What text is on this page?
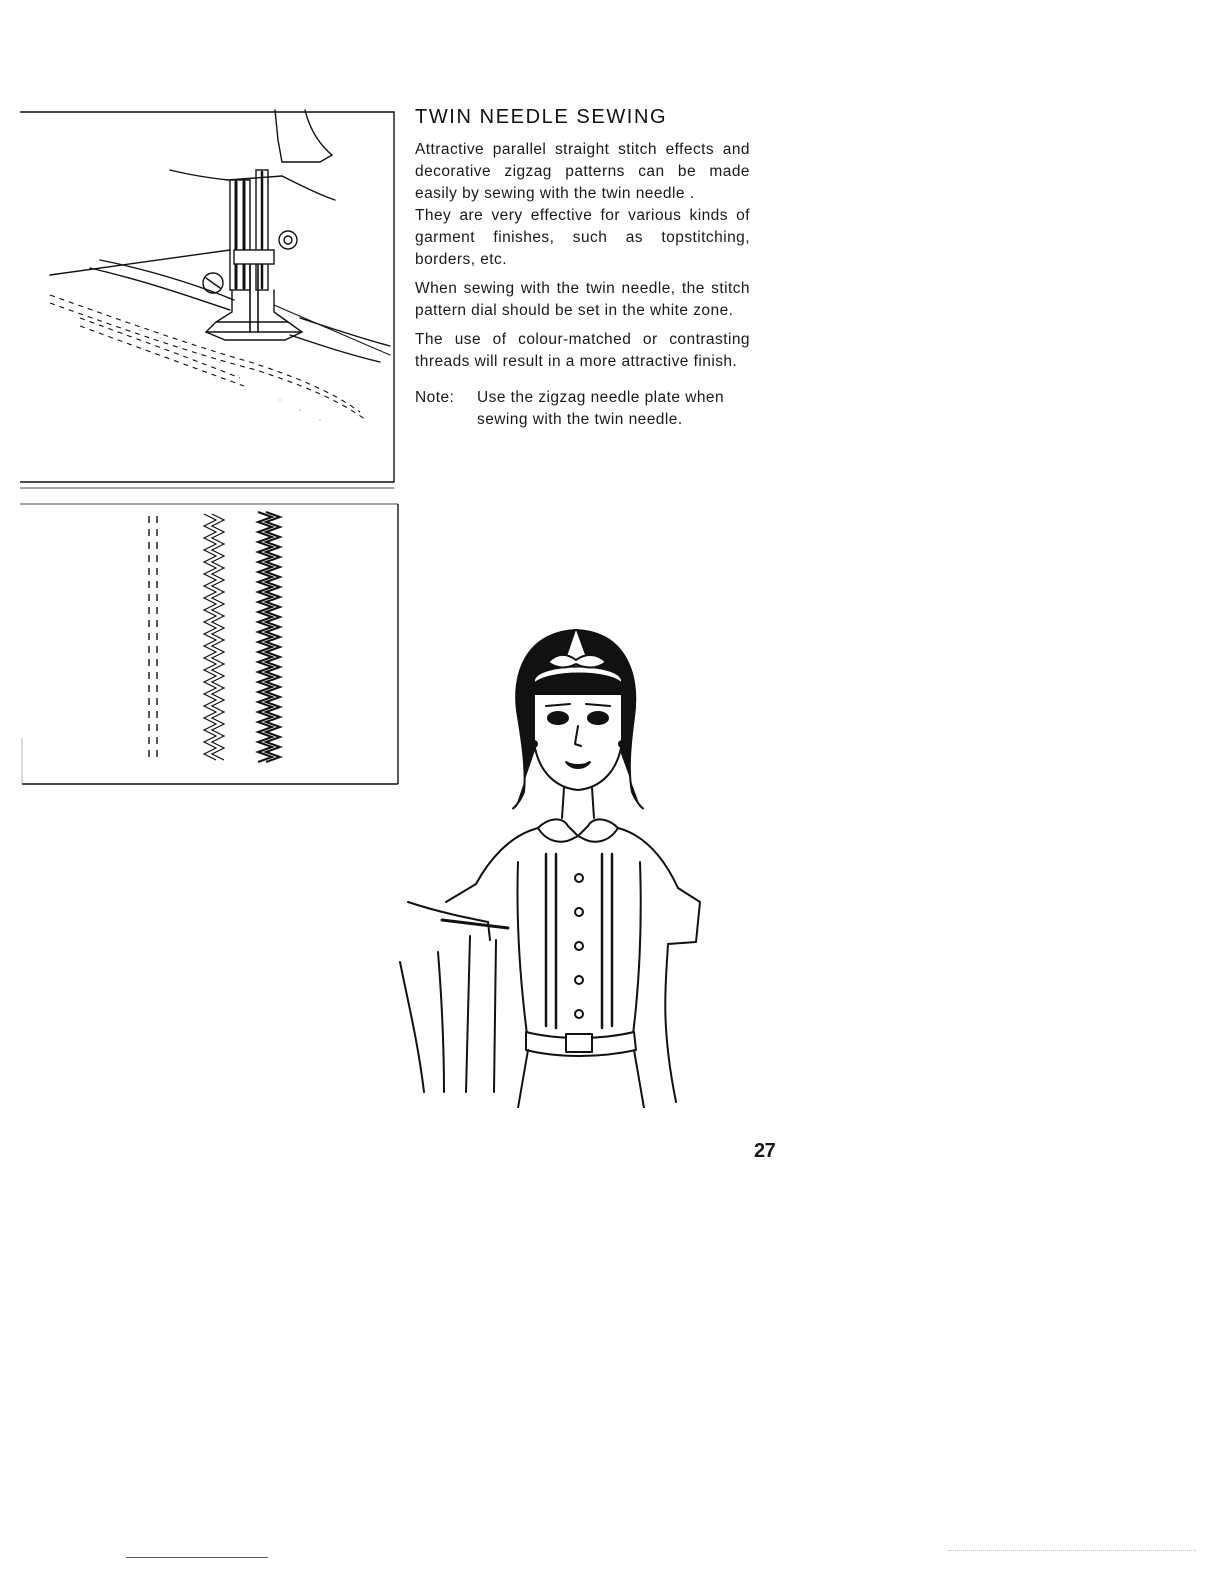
TWIN NEEDLE SEWING

Attractive parallel straight stitch effects and decorative zigzag patterns can be made easily by sewing with the twin needle .

They are very effective for various kinds of garment finishes, such as topstitching, borders, etc.

When sewing with the twin needle, the stitch pattern dial should be set in the white zone.

The use of colour-matched or contrasting threads will result in a more attractive finish.

Note:	Use the zigzag needle plate when sewing with the twin needle.
27
